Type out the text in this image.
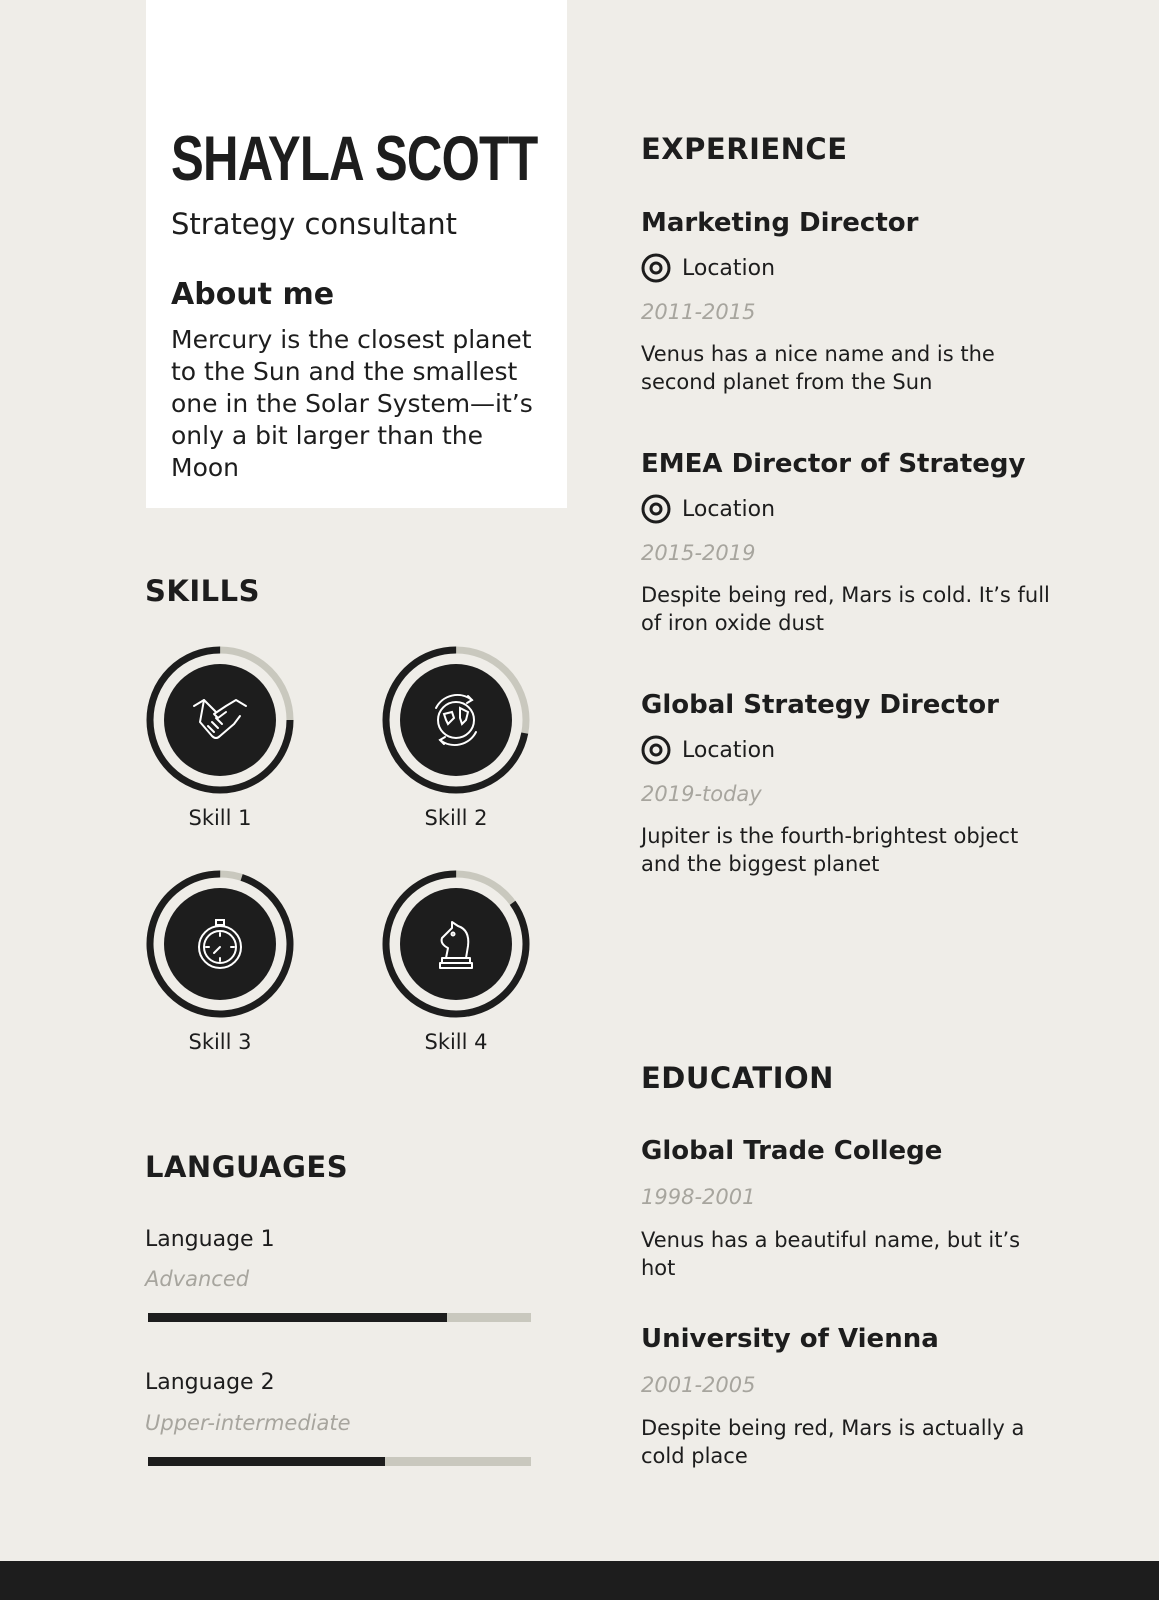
SHAYLA SCOTT
Strategy consultant
About me
Mercury is the closest planet to the Sun and the smallest one in the Solar System—it’s only a bit larger than the Moon
SKILLS
Skill 1	Skill 2
Skill 3	Skill 4
LANGUAGES
Language 1
Advanced
Language 2
Upper-intermediate
EXPERIENCE
Marketing Director
Location
2011-2015
Venus has a nice name and is the second planet from the Sun
EMEA Director of Strategy
Location
2015-2019
Despite being red, Mars is cold. It’s full of iron oxide dust
Global Strategy Director
Location
2019-today
Jupiter is the fourth-brightest object and the biggest planet
EDUCATION
Global Trade College
1998-2001
Venus has a beautiful name, but it’s hot
University of Vienna
2001-2005
Despite being red, Mars is actually a cold place
